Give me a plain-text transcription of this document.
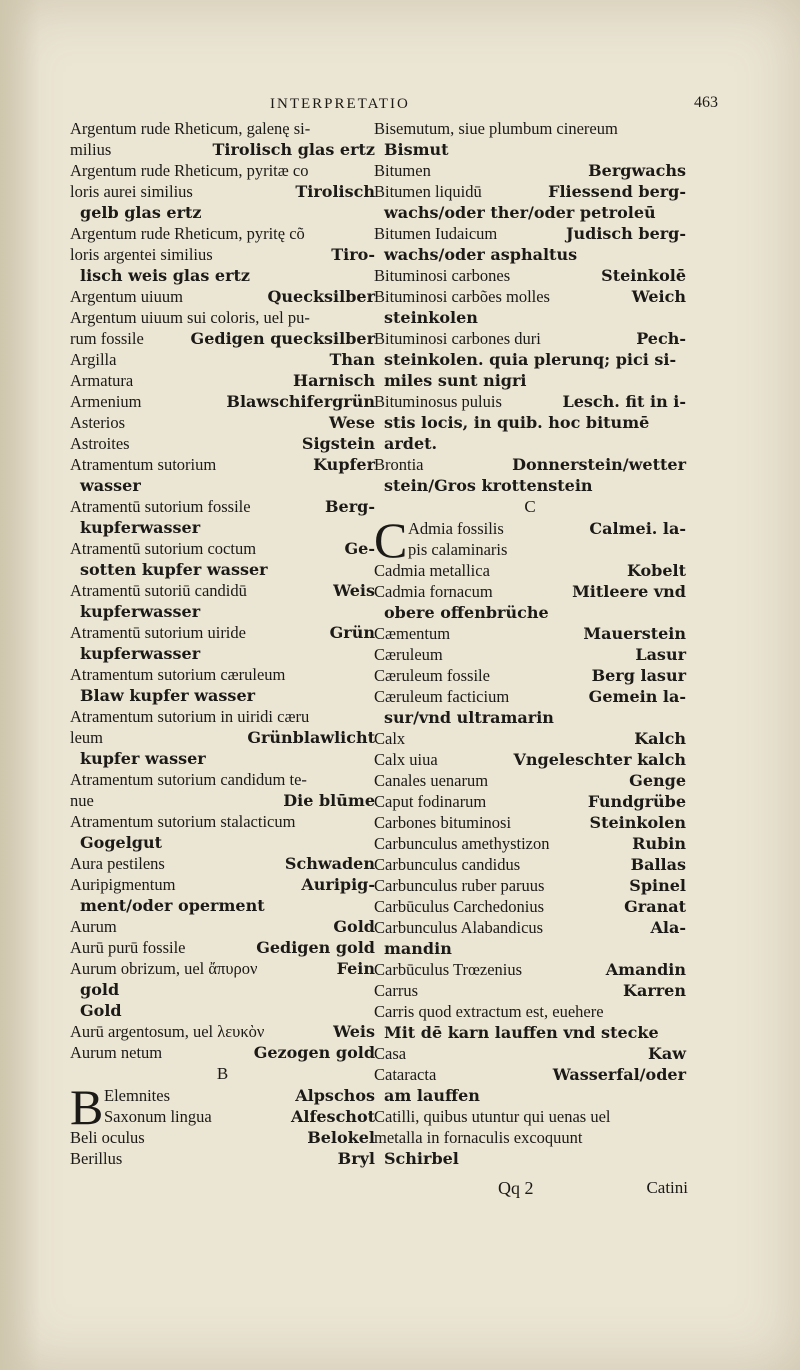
INTERPRETATIO	463
Argentum rude Rheticum, galenę si-
milius	Tirolisch glas ertz
Argentum rude Rheticum, pyritæ co
loris aurei similius	Tirolisch
gelb glas ertz
Argentum rude Rheticum, pyritę cõ
loris argentei similius	Tiro-
lisch weis glas ertz
Argentum uiuum	Quecksilber
Argentum uiuum sui coloris, uel pu-
rum fossile	Gedigen quecksilber
Argilla	Than
Armatura	Harnisch
Armenium	Blawschifergrün
Asterios	Wese
Astroites	Sigstein
Atramentum sutorium	Kupfer
wasser
Atramentū sutorium fossile	Berg-
kupferwasser
Atramentū sutorium coctum	Ge-
sotten kupfer wasser
Atramentū sutoriū candidū	Weis
kupferwasser
Atramentū sutorium uiride	Grün
kupferwasser
Atramentum sutorium cæruleum
Blaw kupfer wasser
Atramentum sutorium in uiridi cæru
leum	Grünblawlicht
kupfer wasser
Atramentum sutorium candidum te-
nue	Die blūme
Atramentum sutorium stalacticum
Gogelgut
Aura pestilens	Schwaden
Auripigmentum	Auripig-
ment/oder operment
Aurum	Gold
Aurū purū fossile	Gedigen gold
Aurum obrizum, uel ἄπυρον	Fein
gold
Gold
Aurū argentosum, uel λευκὸν	Weis
Aurum netum	Gezogen gold
B
B Elemnites	Alpschos
Saxonum lingua	Alfeschot
Beli oculus	Belokel
Berillus	Bryl
Bisemutum, siue plumbum cinereum
Bismut
Bitumen	Bergwachs
Bitumen liquidū	Fliessend berg-
wachs/oder ther/oder petroleū
Bitumen Iudaicum	Judisch berg-
wachs/oder asphaltus
Bituminosi carbones	Steinkolē
Bituminosi carbões molles	Weich
steinkolen
Bituminosi carbones duri	Pech-
steinkolen. quia plerunq; pici si-
miles sunt nigri
Bituminosus puluis	Lesch. fit in i-
stis locis, in quib. hoc bitumē ardet.
Brontia	Donnerstein/wetter
stein/Gros krottenstein
C
C Admia fossilis	Calmei. la-
pis calaminaris
Cadmia metallica	Kobelt
Cadmia fornacum	Mitleere vnd
obere offenbrüche
Cæmentum	Mauerstein
Cæruleum	Lasur
Cæruleum fossile	Berg lasur
Cæruleum facticium	Gemein la-
sur/vnd ultramarin
Calx	Kalch
Calx uiua	Vngeleschter kalch
Canales uenarum	Genge
Caput fodinarum	Fundgrübe
Carbones bituminosi	Steinkolen
Carbunculus amethystizon	Rubin
Carbunculus candidus	Ballas
Carbunculus ruber paruus	Spinel
Carbūculus Carchedonius	Granat
Carbunculus Alabandicus	Ala-
mandin
Carbūculus Trœzenius	Amandin
Carrus	Karren
Carris quod extractum est, euehere
Mit dē karn lauffen vnd stecke
Casa	Kaw
Cataracta	Wasserfal/oder
am lauffen
Catilli, quibus utuntur qui uenas uel
metalla in fornaculis excoquunt
Schirbel
Qq 2	Catini
